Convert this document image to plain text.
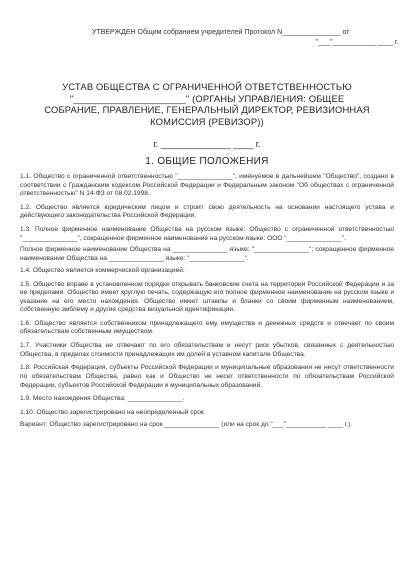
УТВЕРЖДЕН Общим собранием учредителей Протокол N_______________ от
"___"___________ ____ г.
УСТАВ ОБЩЕСТВА С ОГРАНИЧЕННОЙ ОТВЕТСТВЕННОСТЬЮ
"_____________________" (ОРГАНЫ УПРАВЛЕНИЯ: ОБЩЕЕ
СОБРАНИЕ, ПРАВЛЕНИЕ, ГЕНЕРАЛЬНЫЙ ДИРЕКТОР, РЕВИЗИОННАЯ
КОМИССИЯ (РЕВИЗОР))
г. ______________ ____ г.
1. ОБЩИЕ ПОЛОЖЕНИЯ

1.1. Общество с ограниченной ответственностью "_______________", именуемое в дальнейшем "Общество", создано в соответствии с Гражданским кодексом Российской Федерации и Федеральным законом "Об обществах с ограниченной ответственностью" N 14-ФЗ от 08.02.1998.

1.2. Общество является юридическим лицом и строит свою деятельность на основании настоящего устава и действующего законодательства Российской Федерации.

1.3. Полное фирменное наименование Общества на русском языке: Общество с ограниченной ответственностью "_______________", сокращенное фирменное наименование на русском языке: ООО "_______________".

Полное фирменное наименование Общества на _______________ языке: "_______________"; сокращенное фирменное наименование Общества на _______________ языке: "_______________".

1.4. Общество является коммерческой организацией.

1.5. Общество вправе в установленном порядке открывать банковские счета на территории Российской Федерации и за ее пределами. Общество имеет круглую печать, содержащую его полное фирменное наименование на русском языке и указание на его место нахождения. Общество имеет штампы и бланки со своим фирменным наименованием, собственную эмблему и другие средства визуальной идентификации.

1.6. Общество является собственником принадлежащего ему имущества и денежных средств и отвечает по своим обязательствам собственным имуществом.

1.7. Участники Общества не отвечают по его обязательствам и несут риск убытков, связанных с деятельностью Общества, в пределах стоимости принадлежащих им долей в уставном капитале Общества.

1.8. Российская Федерация, субъекты Российской Федерации и муниципальные образования не несут ответственности по обязательствам Общества, равно как и Общество не несет ответственности по обязательствам Российской Федерации, субъектов Российской Федерации и муниципальных образований.

1.9. Место нахождения Общества: _______________.

1.10. Общество зарегистрировано на неопределенный срок.

Вариант: Общество зарегистрировано на срок _______________ (или на срок до "___"___________ ____ г.).
